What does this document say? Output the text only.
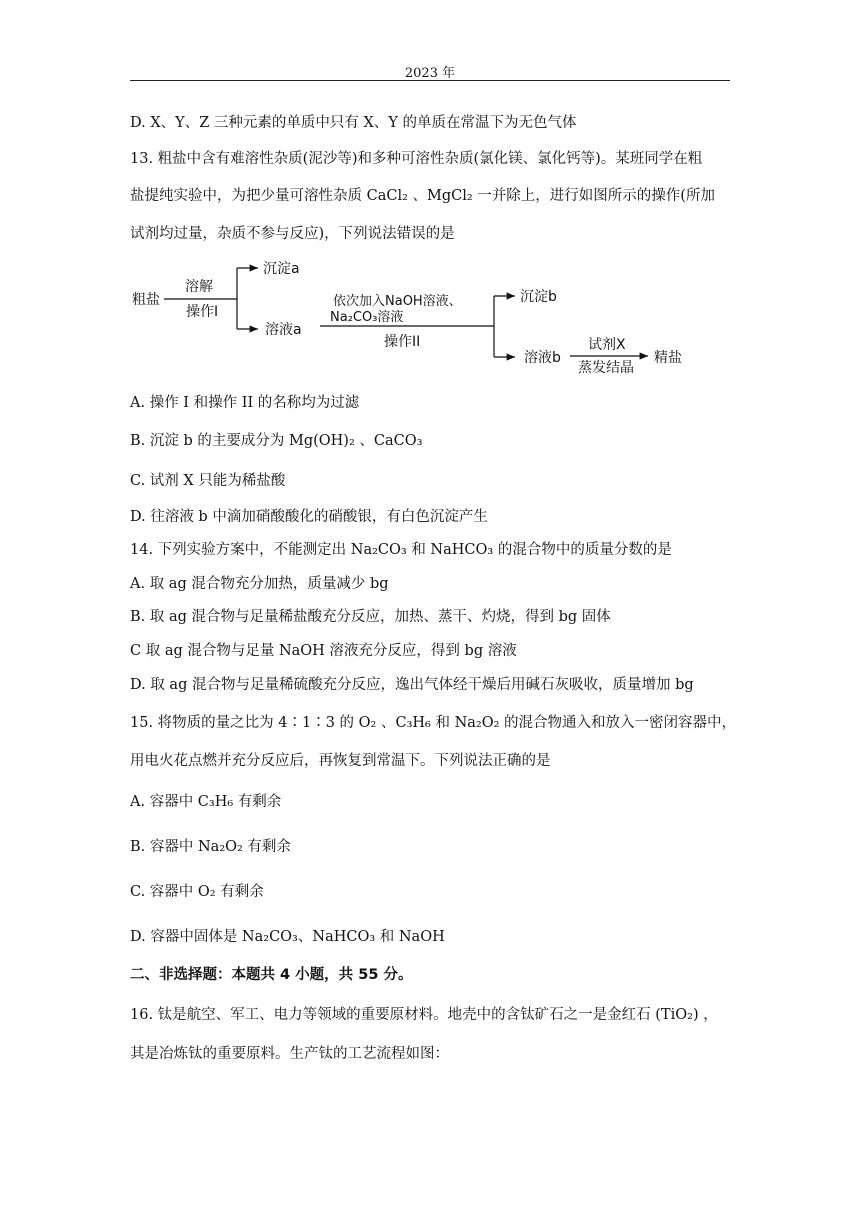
2023 年
D. X、Y、Z 三种元素的单质中只有 X、Y 的单质在常温下为无色气体
13. 粗盐中含有难溶性杂质(泥沙等)和多种可溶性杂质(氯化镁、氯化钙等)。某班同学在粗
盐提纯实验中，为把少量可溶性杂质 CaCl₂ 、MgCl₂ 一并除上，进行如图所示的操作(所加
试剂均过量，杂质不参与反应)，下列说法错误的是
A. 操作 I 和操作 II 的名称均为过滤
B. 沉淀 b 的主要成分为 Mg(OH)₂ 、CaCO₃
C. 试剂 X 只能为稀盐酸
D. 往溶液 b 中滴加硝酸酸化的硝酸银，有白色沉淀产生
14. 下列实验方案中，不能测定出 Na₂CO₃ 和 NaHCO₃ 的混合物中的质量分数的是
A. 取 ag 混合物充分加热，质量减少 bg
B. 取 ag 混合物与足量稀盐酸充分反应，加热、蒸干、灼烧，得到 bg 固体
C 取 ag 混合物与足量 NaOH 溶液充分反应，得到 bg 溶液
D. 取 ag 混合物与足量稀硫酸充分反应，逸出气体经干燥后用碱石灰吸收，质量增加 bg
15. 将物质的量之比为 4∶1∶3 的 O₂ 、C₃H₆ 和 Na₂O₂ 的混合物通入和放入一密闭容器中，
用电火花点燃并充分反应后，再恢复到常温下。下列说法正确的是
A. 容器中 C₃H₆ 有剩余
B. 容器中 Na₂O₂ 有剩余
C. 容器中 O₂ 有剩余
D. 容器中固体是 Na₂CO₃、NaHCO₃ 和 NaOH
二、非选择题：本题共 4 小题，共 55 分。
16. 钛是航空、军工、电力等领域的重要原材料。地壳中的含钛矿石之一是金红石 (TiO₂) ，
其是冶炼钛的重要原料。生产钛的工艺流程如图：
粗盐
溶解
操作I
沉淀a
溶液a
依次加入NaOH溶液、
Na₂CO₃溶液
操作II
沉淀b
溶液b
试剂X
蒸发结晶
精盐
